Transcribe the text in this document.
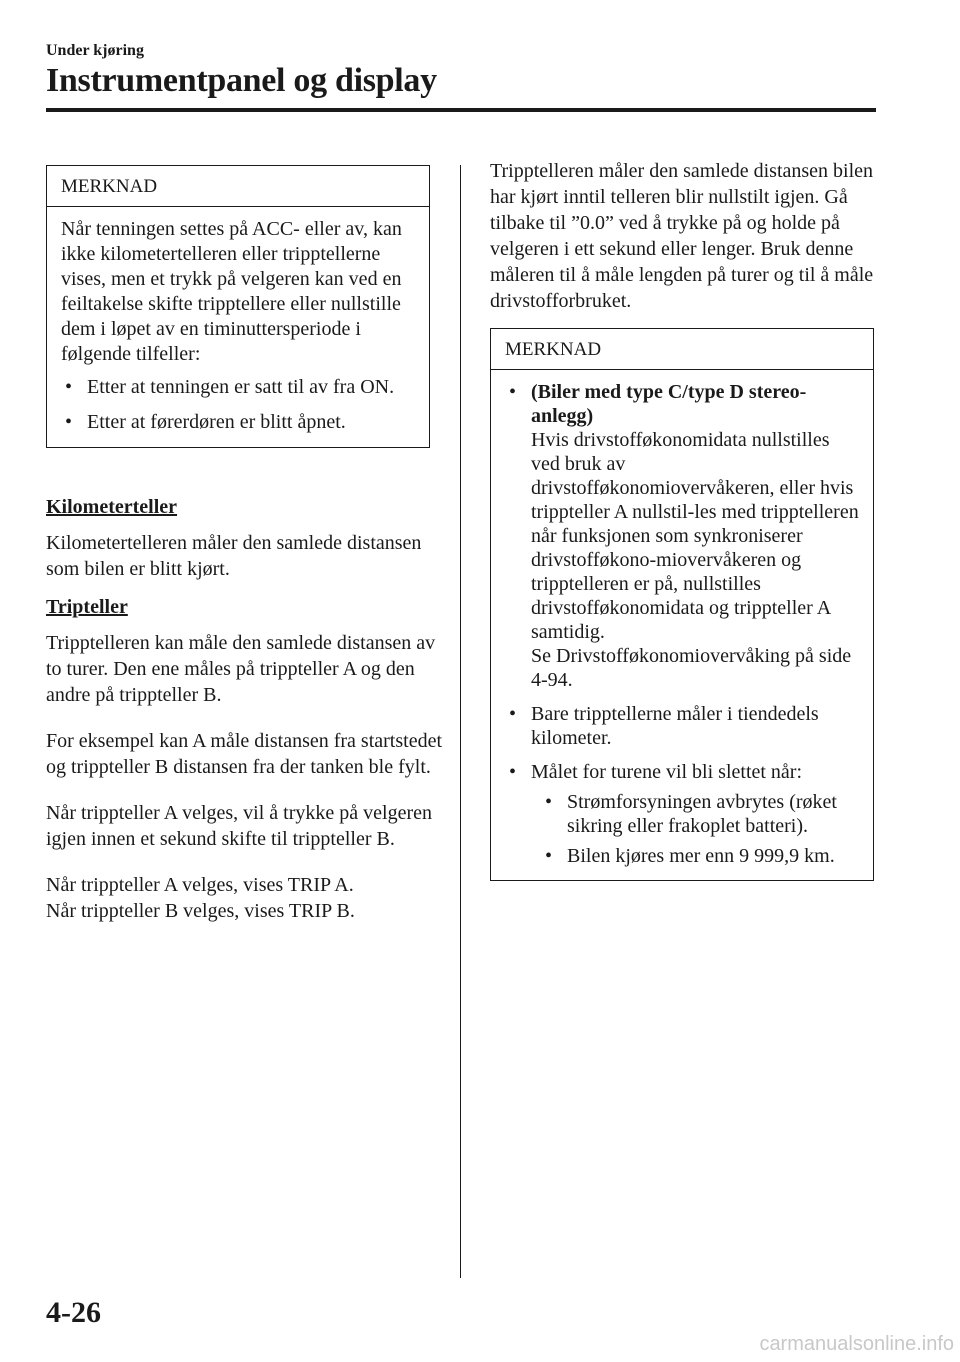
Under kjøring
Instrumentpanel og display
MERKNAD

Når tenningen settes på ACC- eller av, kan ikke kilometertelleren eller tripptellerne vises, men et trykk på velgeren kan ved en feiltakelse skifte tripptellere eller nullstille dem i løpet av en timinuttersperiode i følgende tilfeller:

• Etter at tenningen er satt til av fra ON.
• Etter at førerdøren er blitt åpnet.

Kilometerteller

Kilometertelleren måler den samlede distansen som bilen er blitt kjørt.

Tripteller

Tripptelleren kan måle den samlede distansen av to turer. Den ene måles på trippteller A og den andre på trippteller B.

For eksempel kan A måle distansen fra startstedet og trippteller B distansen fra der tanken ble fylt.

Når trippteller A velges, vil å trykke på velgeren igjen innen et sekund skifte til trippteller B.

Når trippteller A velges, vises TRIP A.

Når trippteller B velges, vises TRIP B.

Tripptelleren måler den samlede distansen bilen har kjørt inntil telleren blir nullstilt igjen. Gå tilbake til ”0.0” ved å trykke på og holde på velgeren i ett sekund eller lenger. Bruk denne måleren til å måle lengden på turer og til å måle drivstofforbruket.

MERKNAD
• (Biler med type C/type D stereo-anlegg)
Hvis drivstofføkonomidata nullstilles ved bruk av drivstofføkonomiovervåkeren, eller hvis trippteller A nullstil-les med tripptelleren når funksjonen som synkroniserer drivstofføkono-miovervåkeren og tripptelleren er på, nullstilles drivstofføkonomidata og trippteller A samtidig.
Se Drivstofføkonomiovervåking på side 4-94.
• Bare tripptellerne måler i tiendedels kilometer.
• Målet for turene vil bli slettet når:
• Strømforsyningen avbrytes (røket sikring eller frakoplet batteri).
• Bilen kjøres mer enn 9 999,9 km.
4-26
carmanualsonline.info
